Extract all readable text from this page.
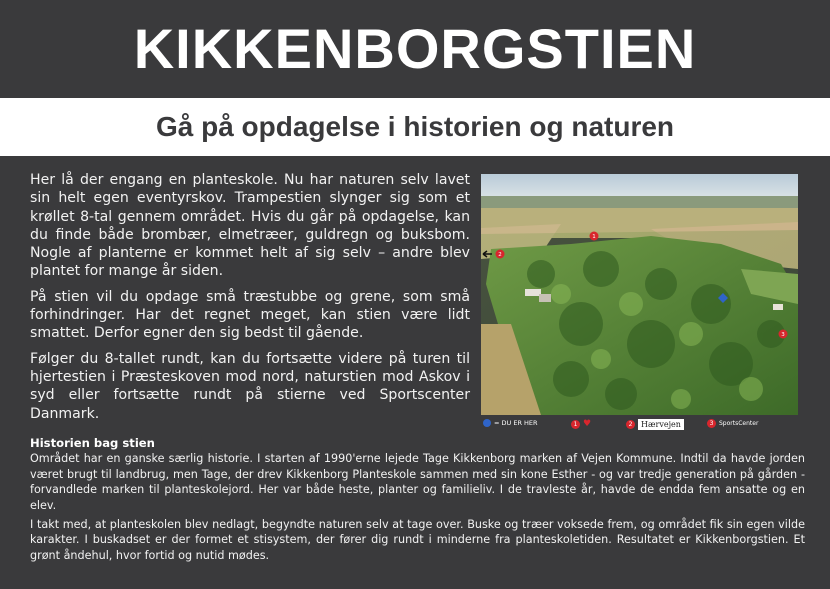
KIKKENBORGSTIEN
Gå på opdagelse i historien og naturen

Her lå der engang en planteskole. Nu har naturen selv lavet sin helt egen eventyrskov. Trampestien slynger sig som et krøllet 8-tal gennem området. Hvis du går på opdagelse, kan du finde både brombær, elmetræer, guldregn og buksbom. Nogle af planterne er kommet helt af sig selv – andre blev plantet for mange år siden.

På stien vil du opdage små træstubbe og grene, som små forhindringer. Har det regnet meget, kan stien være lidt smattet. Derfor egner den sig bedst til gående.

Følger du 8-tallet rundt, kan du fortsætte videre på turen til hjertestien i Præsteskoven mod nord, naturstien mod Askov i syd eller fortsætte rundt på stierne ved Sportscenter Danmark.

1
2
3
= DU ER HER	1 ♥	2	Hærvejen	3 SportsCenter
Historien bag stien

Området har en ganske særlig historie. I starten af 1990'erne lejede Tage Kikkenborg marken af Vejen Kommune. Indtil da havde jorden været brugt til landbrug, men Tage, der drev Kikkenborg Planteskole sammen med sin kone Esther - og var tredje generation på gården - forvandlede marken til planteskolejord. Her var både heste, planter og familieliv. I de travleste år, havde de endda fem ansatte og en elev.

I takt med, at planteskolen blev nedlagt, begyndte naturen selv at tage over. Buske og træer voksede frem, og området fik sin egen vilde karakter. I buskadset er der formet et stisystem, der fører dig rundt i minderne fra planteskoletiden. Resultatet er Kikkenborgstien. Et grønt åndehul, hvor fortid og nutid mødes.
